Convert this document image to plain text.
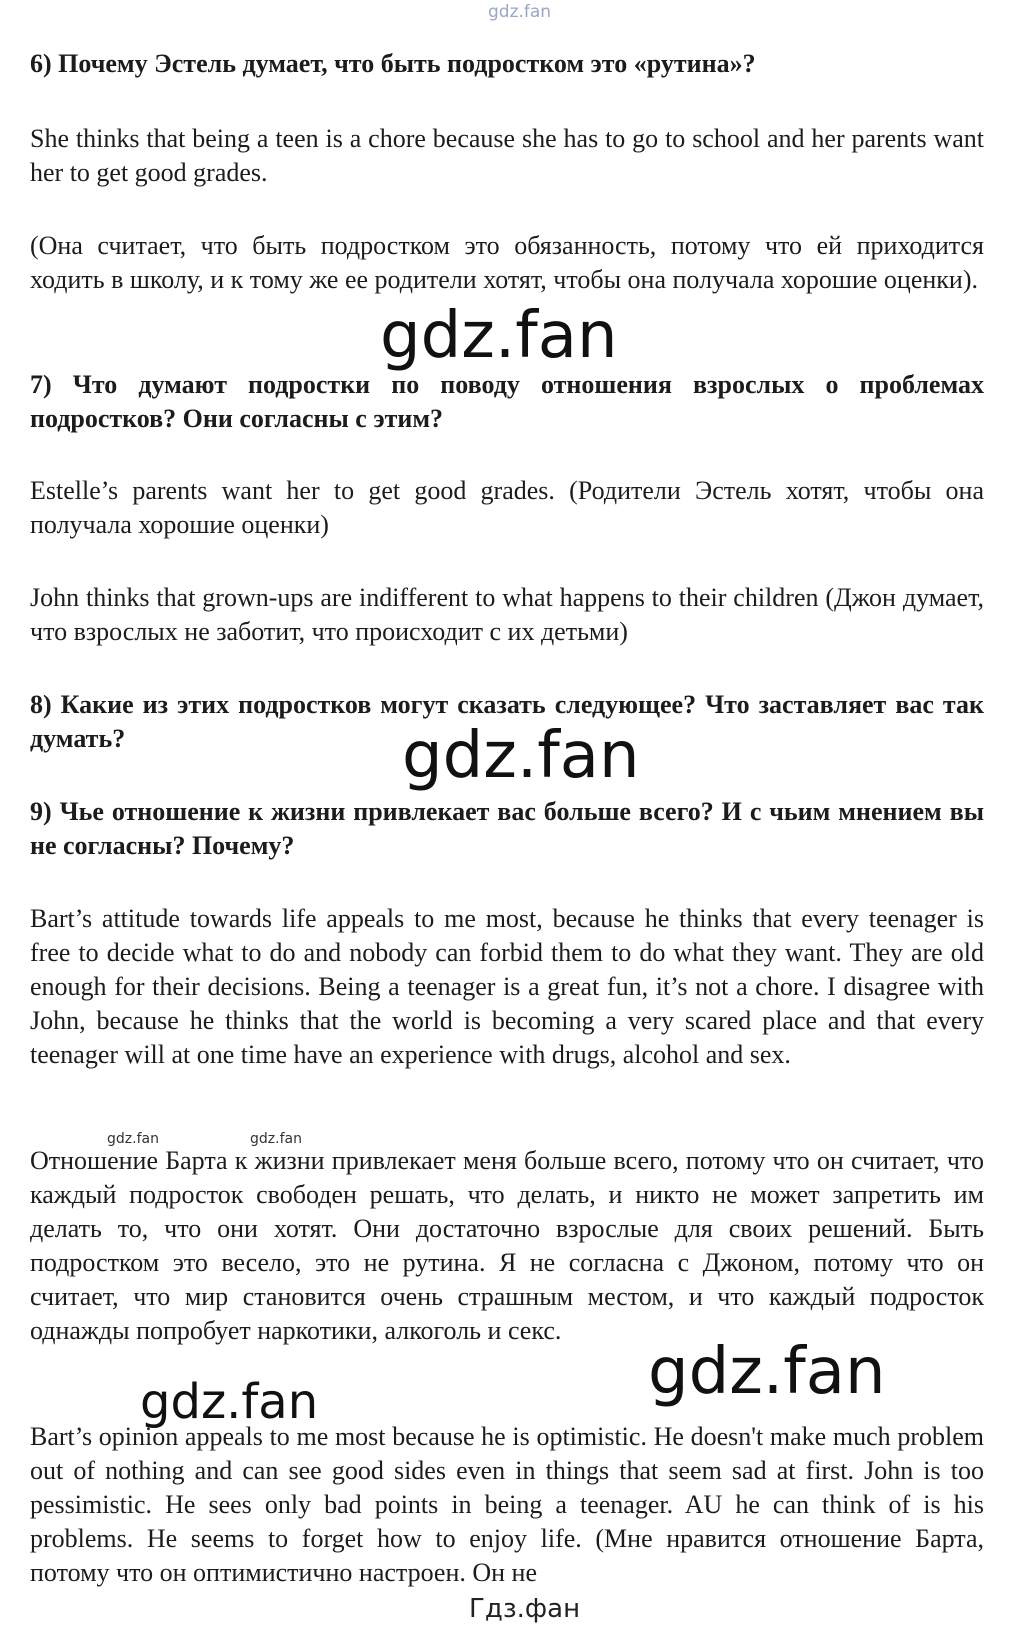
gdz.fan

6) Почему Эстель думает, что быть подростком это «рутина»?

She thinks that being a teen is a chore because she has to go to school and her parents want her to get good grades.

(Она считает, что быть подростком это обязанность, потому что ей приходится ходить в школу, и к тому же ее родители хотят, чтобы она получала хорошие оценки).

7) Что думают подростки по поводу отношения взрослых о проблемах подростков? Они согласны с этим?

Estelle’s parents want her to get good grades. (Родители Эстель хотят, чтобы она получала хорошие оценки)

John thinks that grown-ups are indifferent to what happens to their children (Джон думает, что взрослых не заботит, что происходит с их детьми)

8) Какие из этих подростков могут сказать следующее? Что заставляет вас так думать?

9) Чье отношение к жизни привлекает вас больше всего? И с чьим мнением вы не согласны? Почему?

Bart’s attitude towards life appeals to me most, because he thinks that every teenager is free to decide what to do and nobody can forbid them to do what they want. They are old enough for their decisions. Being a teenager is a great fun, it’s not a chore. I disagree with John, because he thinks that the world is becoming a very scared place and that every teenager will at one time have an experience with drugs, alcohol and sex.

Отношение Барта к жизни привлекает меня больше всего, потому что он считает, что каждый подросток свободен решать, что делать, и никто не может запретить им делать то, что они хотят. Они достаточно взрослые для своих решений. Быть подростком это весело, это не рутина. Я не согласна с Джоном, потому что он считает, что мир становится очень страшным местом, и что каждый подросток однажды попробует наркотики, алкоголь и секс.

Bart’s opinion appeals to me most because he is optimistic. He doesn't make much problem out of nothing and can see good sides even in things that seem sad at first. John is too pessimistic. He sees only bad points in being a teenager. AU he can think of is his problems. He seems to forget how to enjoy life. (Мне нравится отношение Барта, потому что он оптимистично настроен. Он не

gdz.fan
gdz.fan
gdz.fan
gdz.fan
gdz.fan	gdz.fan
Гдз.фан
